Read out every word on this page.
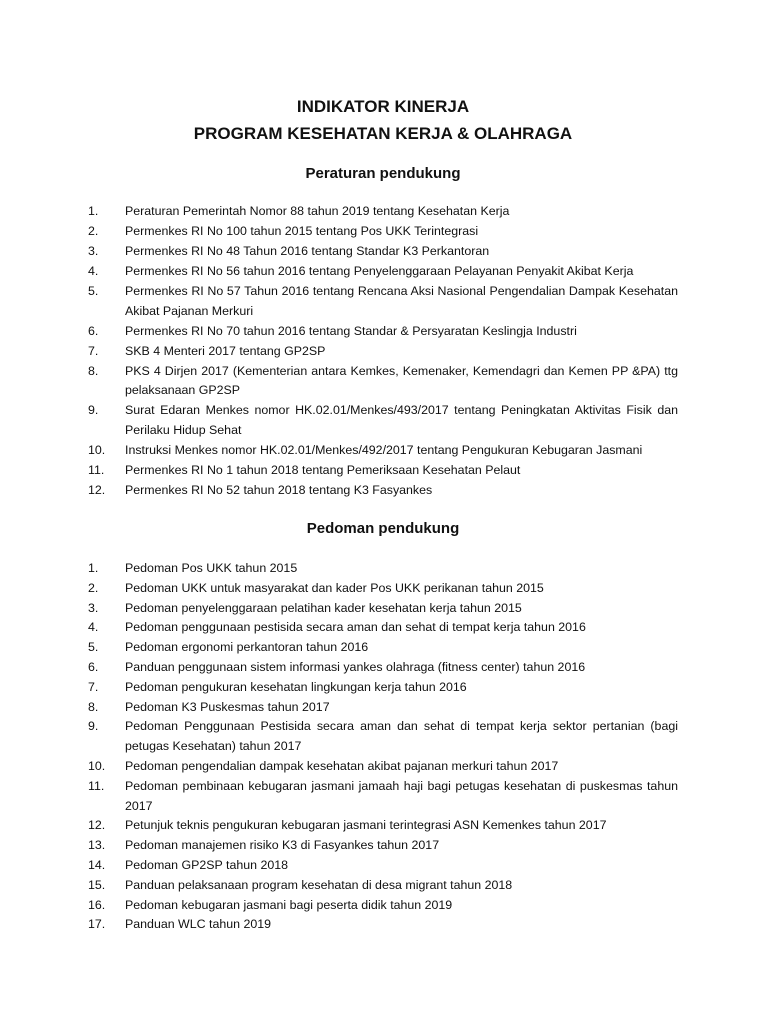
INDIKATOR KINERJA
PROGRAM KESEHATAN KERJA & OLAHRAGA
Peraturan pendukung
1. Peraturan Pemerintah Nomor 88 tahun 2019 tentang Kesehatan Kerja
2. Permenkes RI No 100 tahun 2015 tentang Pos UKK Terintegrasi
3. Permenkes RI No 48 Tahun 2016 tentang Standar K3 Perkantoran
4. Permenkes RI No 56 tahun 2016 tentang Penyelenggaraan Pelayanan Penyakit Akibat Kerja
5. Permenkes RI No 57 Tahun 2016 tentang Rencana Aksi Nasional Pengendalian Dampak Kesehatan Akibat Pajanan Merkuri
6. Permenkes RI No 70 tahun 2016 tentang Standar & Persyaratan Keslingja Industri
7. SKB 4 Menteri 2017 tentang GP2SP
8. PKS 4 Dirjen 2017 (Kementerian antara Kemkes, Kemenaker, Kemendagri dan Kemen PP &PA) ttg pelaksanaan GP2SP
9. Surat Edaran Menkes nomor HK.02.01/Menkes/493/2017 tentang Peningkatan Aktivitas Fisik dan Perilaku Hidup Sehat
10. Instruksi Menkes nomor HK.02.01/Menkes/492/2017 tentang Pengukuran Kebugaran Jasmani
11. Permenkes RI No 1 tahun 2018 tentang Pemeriksaan Kesehatan Pelaut
12. Permenkes RI No 52 tahun 2018 tentang K3 Fasyankes
Pedoman pendukung
1. Pedoman Pos UKK tahun 2015
2. Pedoman UKK untuk masyarakat dan kader Pos UKK perikanan tahun 2015
3. Pedoman penyelenggaraan pelatihan kader kesehatan kerja tahun 2015
4. Pedoman penggunaan pestisida secara aman dan sehat di tempat kerja tahun 2016
5. Pedoman ergonomi perkantoran tahun 2016
6. Panduan penggunaan sistem informasi yankes olahraga (fitness center) tahun 2016
7. Pedoman pengukuran kesehatan lingkungan kerja tahun 2016
8. Pedoman K3 Puskesmas tahun 2017
9. Pedoman Penggunaan Pestisida secara aman dan sehat di tempat kerja sektor pertanian (bagi petugas Kesehatan) tahun 2017
10. Pedoman pengendalian dampak kesehatan akibat pajanan merkuri tahun 2017
11. Pedoman pembinaan kebugaran jasmani jamaah haji bagi petugas kesehatan di puskesmas tahun 2017
12. Petunjuk teknis pengukuran kebugaran jasmani terintegrasi ASN Kemenkes tahun 2017
13. Pedoman manajemen risiko K3 di Fasyankes tahun 2017
14. Pedoman GP2SP tahun 2018
15. Panduan pelaksanaan program kesehatan di desa migrant tahun 2018
16. Pedoman kebugaran jasmani bagi peserta didik tahun 2019
17. Panduan WLC tahun 2019
